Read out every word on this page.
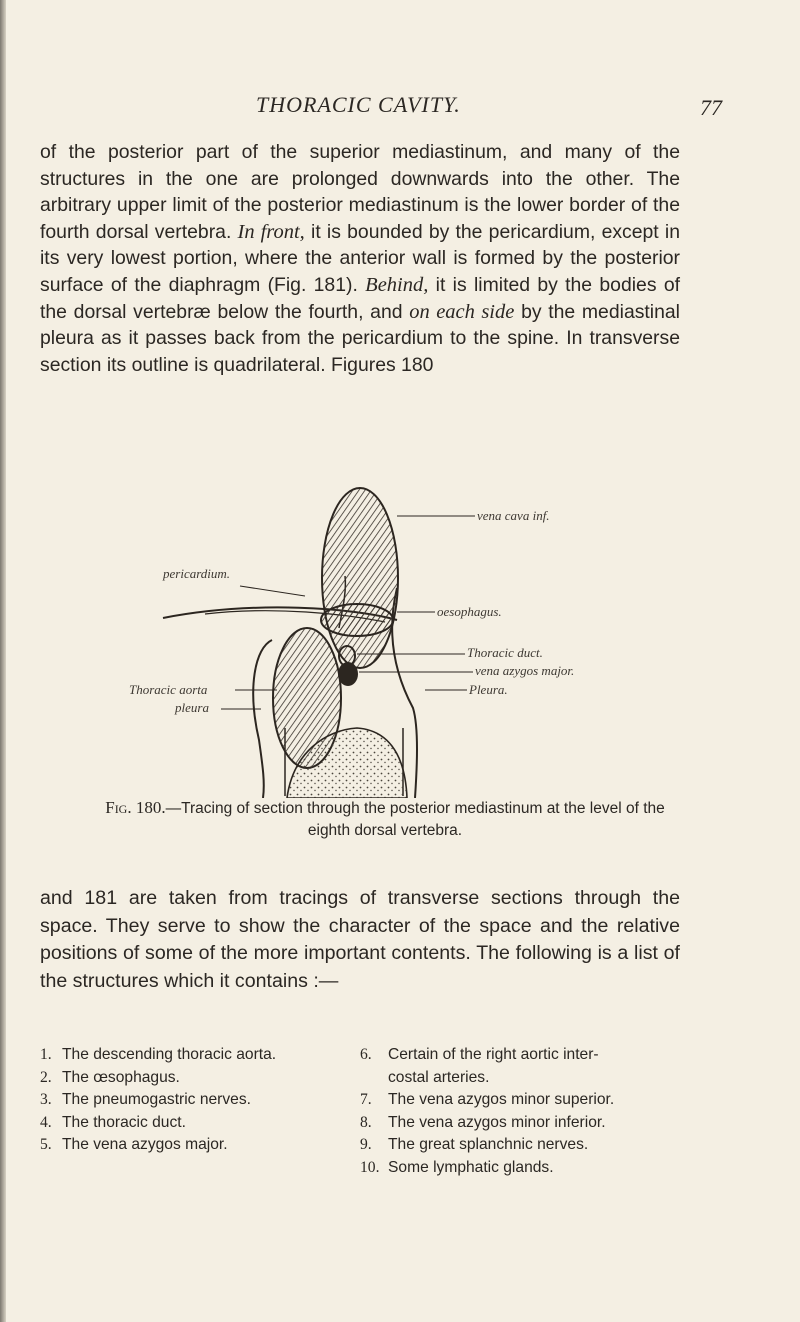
THORACIC CAVITY.	77

of the posterior part of the superior mediastinum, and many of the structures in the one are prolonged downwards into the other. The arbitrary upper limit of the posterior mediastinum is the lower border of the fourth dorsal vertebra. In front, it is bounded by the pericardium, except in its very lowest portion, where the anterior wall is formed by the posterior surface of the diaphragm (Fig. 181). Behind, it is limited by the bodies of the dorsal vertebræ below the fourth, and on each side by the mediastinal pleura as it passes back from the pericardium to the spine. In transverse section its outline is quadrilateral. Figures 180

vena cava inf.
pericardium.
oesophagus.
Thoracic aorta
Thoracic duct.
vena azygos major.
pleura
Pleura.

Fig. 180.—Tracing of section through the posterior mediastinum at the level of the eighth dorsal vertebra.

and 181 are taken from tracings of transverse sections through the space. They serve to show the character of the space and the relative positions of some of the more important contents. The following is a list of the structures which it contains :—

1. The descending thoracic aorta.
2. The œsophagus.
3. The pneumogastric nerves.
4. The thoracic duct.
5. The vena azygos major.
6.	Certain of the right aortic inter-
costal arteries.
7.	The vena azygos minor superior.
8.	The vena azygos minor inferior.
9.	The great splanchnic nerves.
10. Some lymphatic glands.
